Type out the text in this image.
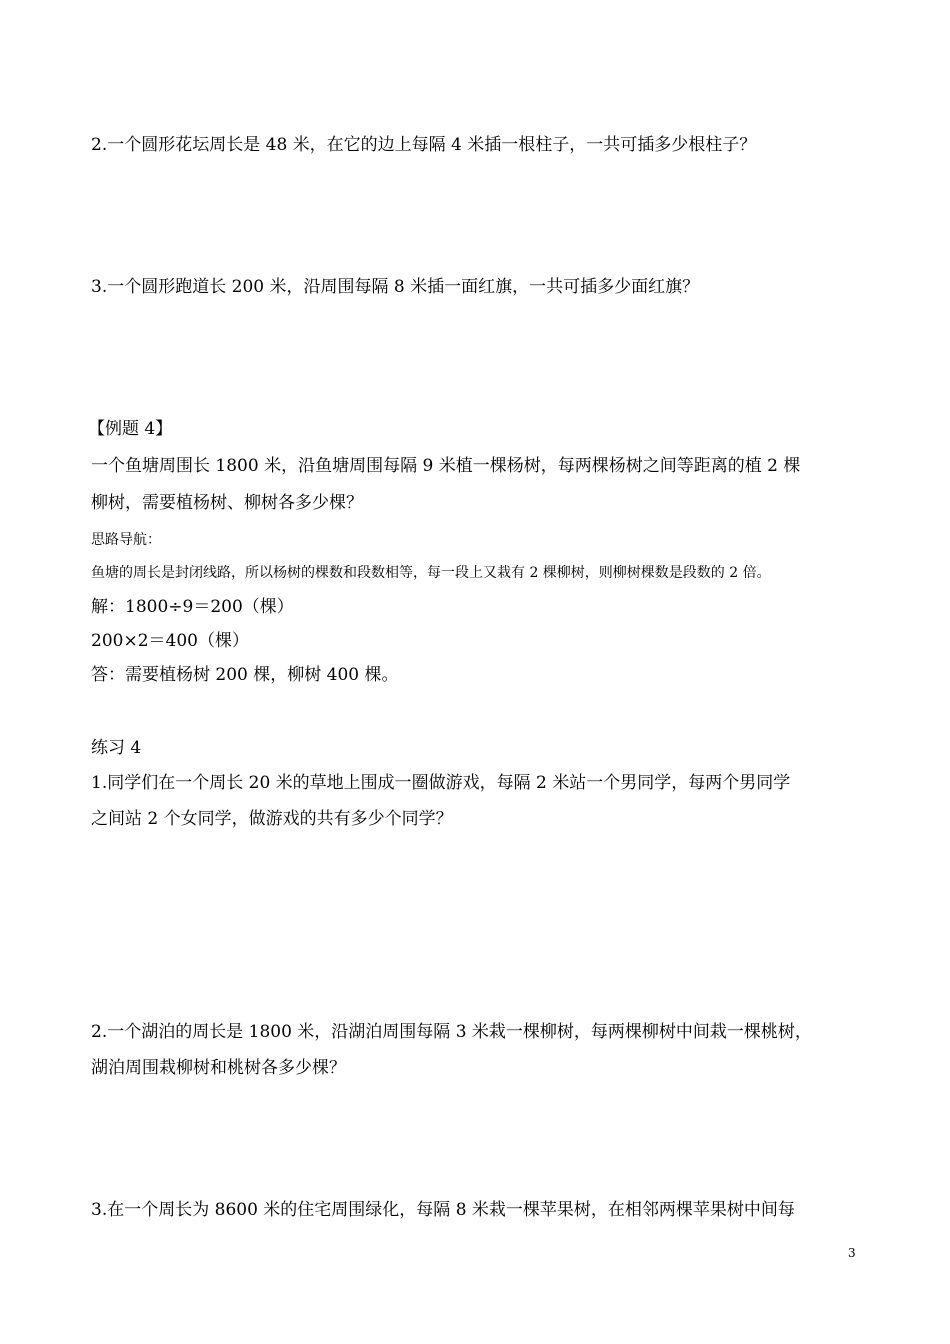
2.一个圆形花坛周长是 48 米，在它的边上每隔 4 米插一根柱子，一共可插多少根柱子？
3.一个圆形跑道长 200 米，沿周围每隔 8 米插一面红旗，一共可插多少面红旗？
【例题 4】
一个鱼塘周围长 1800 米，沿鱼塘周围每隔 9 米植一棵杨树，每两棵杨树之间等距离的植 2 棵
柳树，需要植杨树、柳树各多少棵？
思路导航：
鱼塘的周长是封闭线路，所以杨树的棵数和段数相等，每一段上又栽有 2 棵柳树，则柳树棵数是段数的 2 倍。
解：1800÷9＝200（棵）
200×2＝400（棵）
答：需要植杨树 200 棵，柳树 400 棵。
练习 4
1.同学们在一个周长 20 米的草地上围成一圈做游戏，每隔 2 米站一个男同学，每两个男同学
之间站 2 个女同学，做游戏的共有多少个同学？
2.一个湖泊的周长是 1800 米，沿湖泊周围每隔 3 米栽一棵柳树，每两棵柳树中间栽一棵桃树，
湖泊周围栽柳树和桃树各多少棵？
3.在一个周长为 8600 米的住宅周围绿化，每隔 8 米栽一棵苹果树，在相邻两棵苹果树中间每
3
